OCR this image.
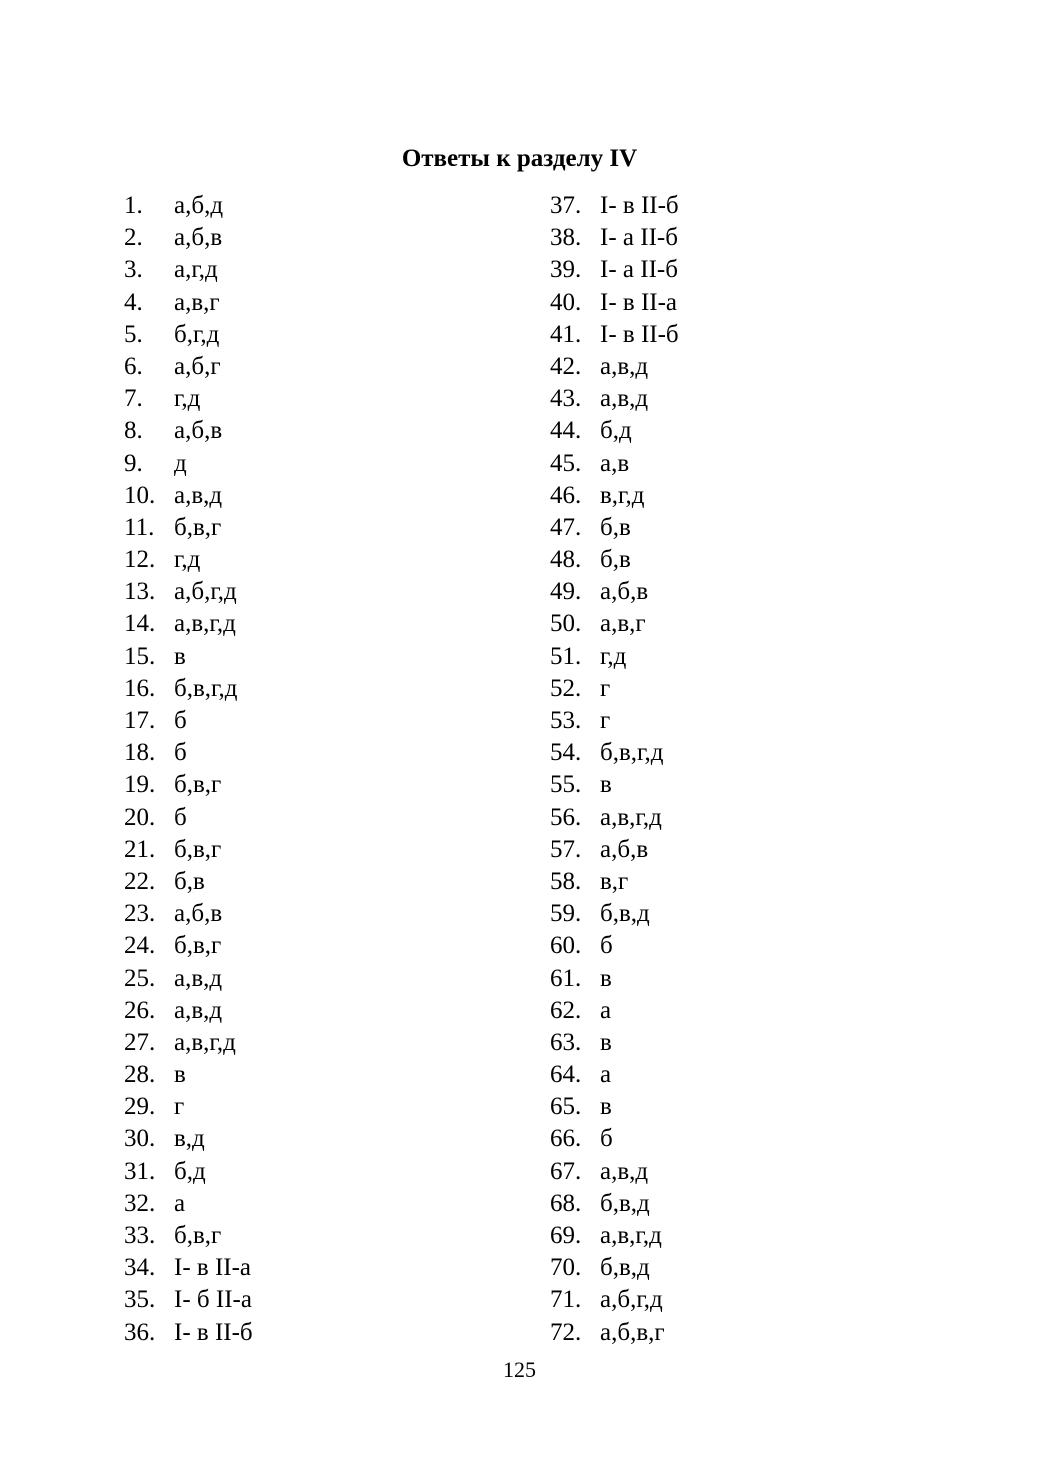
Ответы к разделу IV
1. а,б,д
2. а,б,в
3. а,г,д
4. а,в,г
5. б,г,д
6. а,б,г
7. г,д
8. а,б,в
9. д
10. а,в,д
11. б,в,г
12. г,д
13. а,б,г,д
14. а,в,г,д
15. в
16. б,в,г,д
17. б
18. б
19. б,в,г
20. б
21. б,в,г
22. б,в
23. а,б,в
24. б,в,г
25. а,в,д
26. а,в,д
27. а,в,г,д
28. в
29. г
30. в,д
31. б,д
32. а
33. б,в,г
34. I- в II-а
35. I- б II-а
36. I- в II-б
37. I- в II-б
38. I- а II-б
39. I- а II-б
40. I- в II-а
41. I- в II-б
42. а,в,д
43. а,в,д
44. б,д
45. а,в
46. в,г,д
47. б,в
48. б,в
49. а,б,в
50. а,в,г
51. г,д
52. г
53. г
54. б,в,г,д
55. в
56. а,в,г,д
57. а,б,в
58. в,г
59. б,в,д
60. б
61. в
62. а
63. в
64. а
65. в
66. б
67. а,в,д
68. б,в,д
69. а,в,г,д
70. б,в,д
71. а,б,г,д
72. а,б,в,г
125
